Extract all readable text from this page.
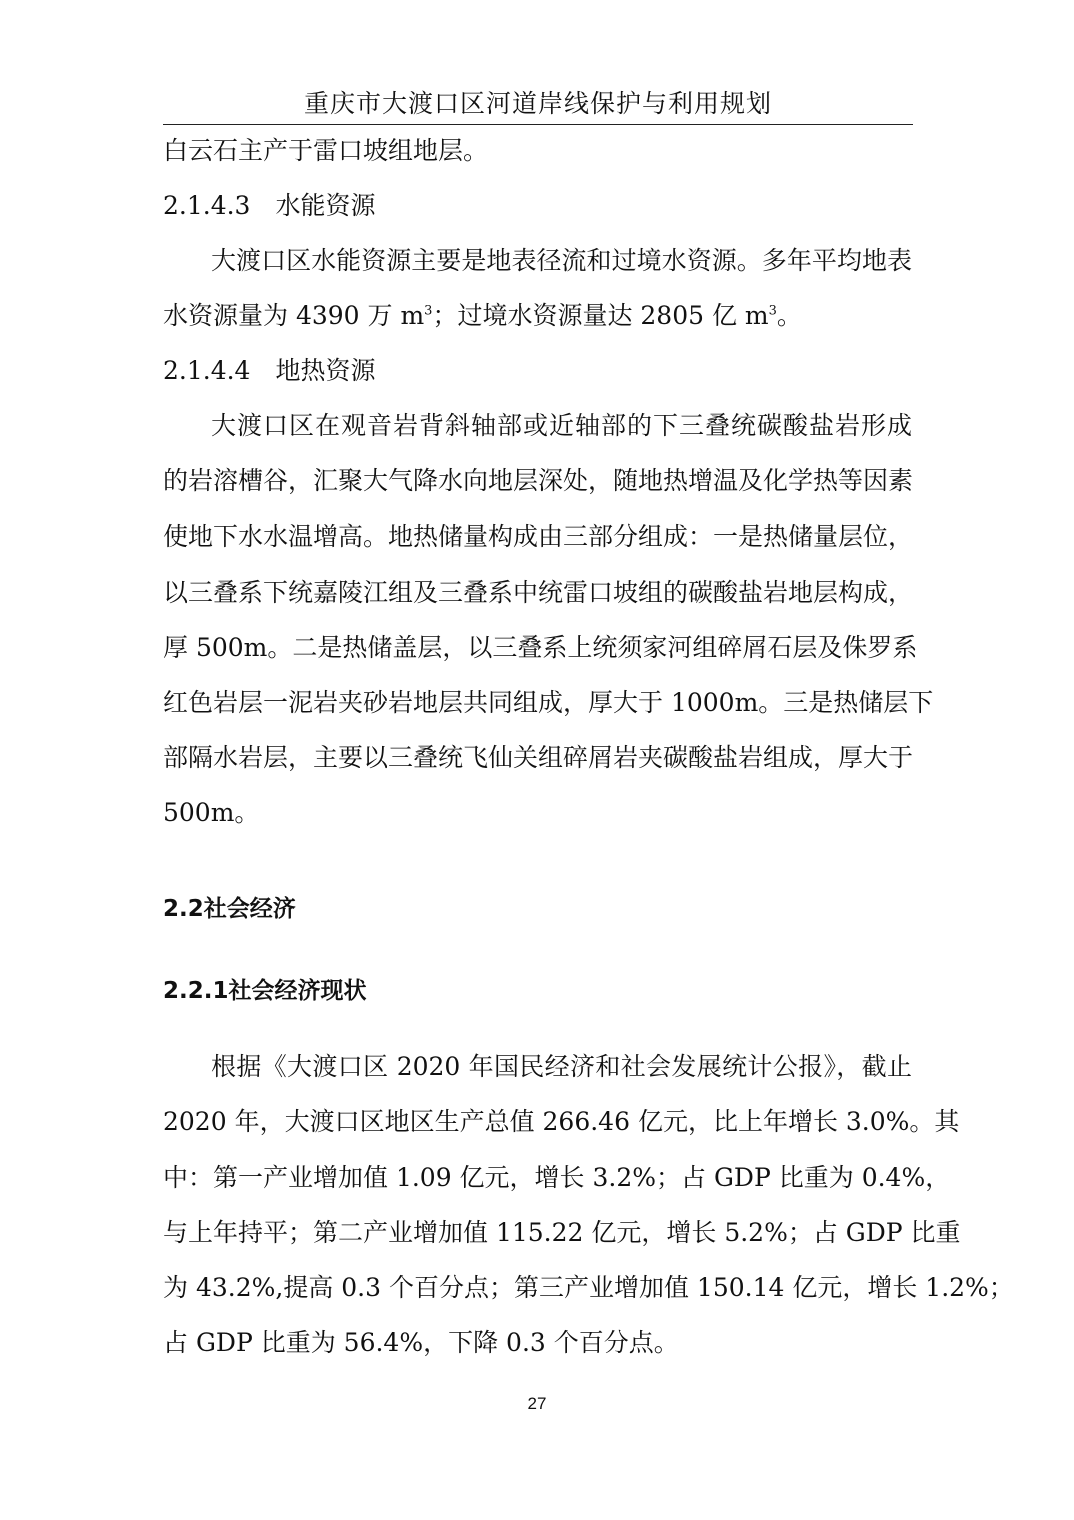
重庆市大渡口区河道岸线保护与利用规划
白云石主产于雷口坡组地层。
2.1.4.3　水能资源
大渡口区水能资源主要是地表径流和过境水资源。多年平均地表
水资源量为 4390 万 $m^3$；过境水资源量达 2805 亿 $m^3$。
2.1.4.4　地热资源
大渡口区在观音岩背斜轴部或近轴部的下三叠统碳酸盐岩形成
的岩溶槽谷，汇聚大气降水向地层深处，随地热增温及化学热等因素
使地下水水温增高。地热储量构成由三部分组成：一是热储量层位，
以三叠系下统嘉陵江组及三叠系中统雷口坡组的碳酸盐岩地层构成，
厚 500m。二是热储盖层，以三叠系上统须家河组碎屑石层及侏罗系
红色岩层一泥岩夹砂岩地层共同组成，厚大于 1000m。三是热储层下
部隔水岩层，主要以三叠统飞仙关组碎屑岩夹碳酸盐岩组成，厚大于
500m。
2.2社会经济
2.2.1社会经济现状
根据《大渡口区 2020 年国民经济和社会发展统计公报》，截止
2020 年，大渡口区地区生产总值 266.46 亿元，比上年增长 3.0%。其
中：第一产业增加值 1.09 亿元，增长 3.2%；占 GDP 比重为 0.4%，
与上年持平；第二产业增加值 115.22 亿元，增长 5.2%；占 GDP 比重
为 43.2%,提高 0.3 个百分点；第三产业增加值 150.14 亿元，增长 1.2%；
占 GDP 比重为 56.4%，下降 0.3 个百分点。
27
